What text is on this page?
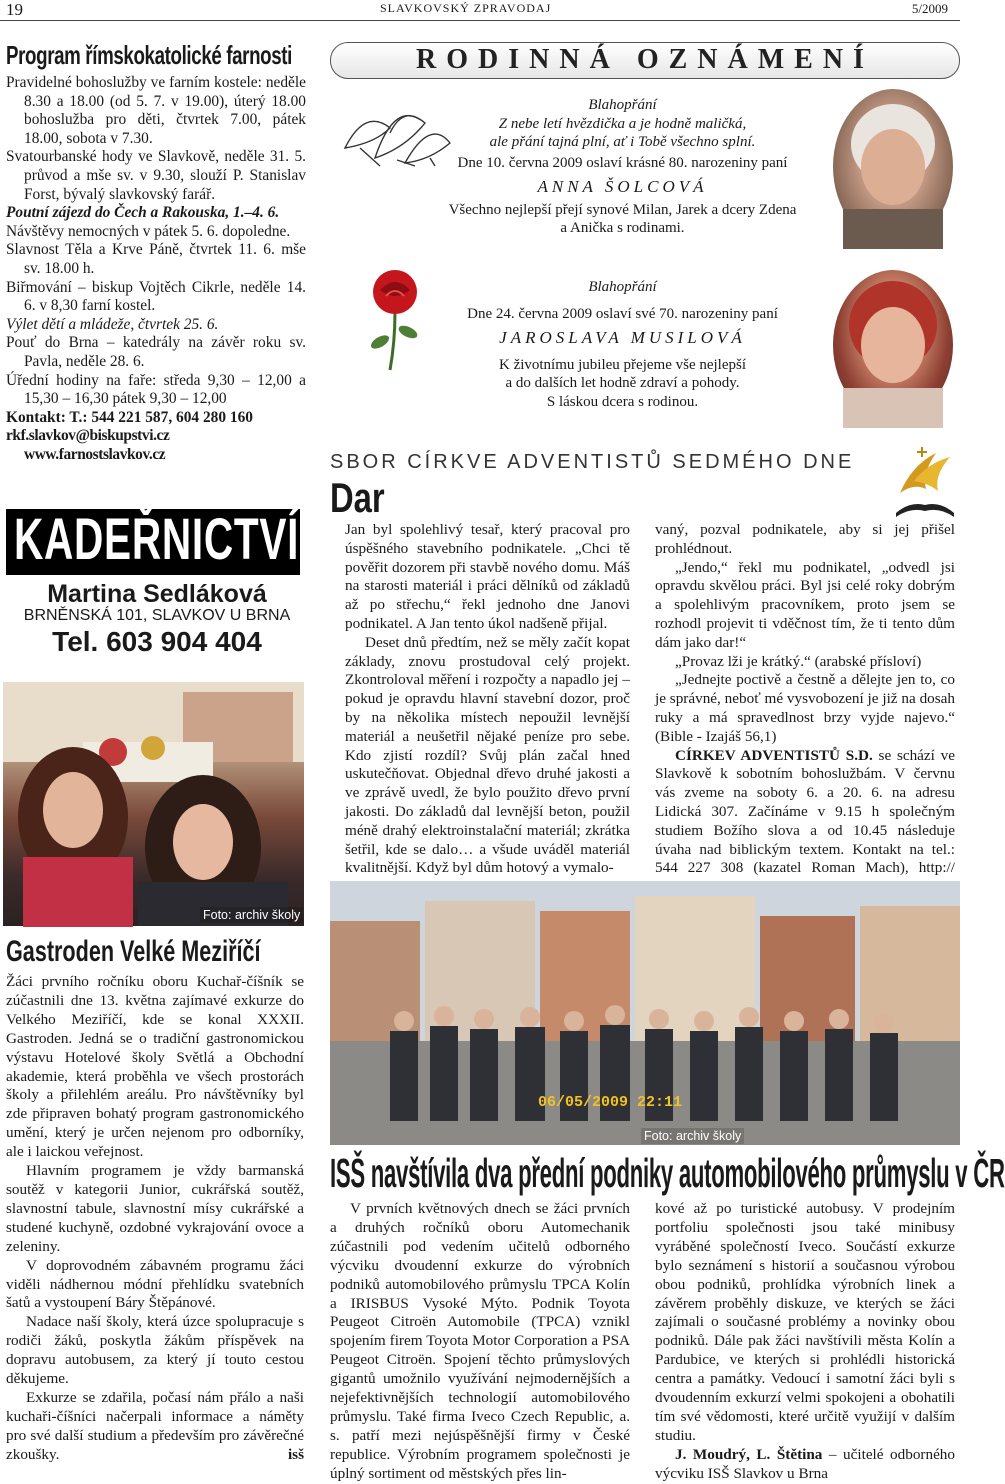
19	SLAVKOVSKÝ ZPRAVODAJ	5/2009
Program římskokatolické farnosti

Pravidelné bohoslužby ve farním kostele: neděle 8.30 a 18.00 (od 5. 7. v 19.00), úterý 18.00 bohoslužba pro děti, čtvrtek 7.00, pátek 18.00, sobota v 7.30.

Svatourbanské hody ve Slavkově, neděle 31. 5. průvod a mše sv. v 9.30, slouží P. Stanislav Forst, bývalý slavkovský farář.

Poutní zájezd do Čech a Rakouska, 1.–4. 6.

Návštěvy nemocných v pátek 5. 6. dopoledne.

Slavnost Těla a Krve Páně, čtvrtek 11. 6. mše sv. 18.00 h.

Biřmování – biskup Vojtěch Cikrle, neděle 14. 6. v 8,30 farní kostel.

Výlet dětí a mládeže, čtvrtek 25. 6.

Pouť do Brna – katedrály na závěr roku sv. Pavla, neděle 28. 6.

Úřední hodiny na faře: středa 9,30 – 12,00 a 15,30 – 16,30 pátek 9,30 – 12,00

Kontakt: T.: 544 221 587, 604 280 160

rkf.slavkov@biskupstvi.cz www.farnostslavkov.cz

KADEŘNICTVÍ
Martina Sedláková
BRNĚNSKÁ 101, SLAVKOV U BRNA
Tel. 603 904 404
Foto: archiv školy
Gastroden Velké Meziříčí

Žáci prvního ročníku oboru Kuchař-číšník se zúčastnili dne 13. května zajímavé exkurze do Velkého Meziříčí, kde se konal XXXII. Gastroden. Jedná se o tradiční gastronomickou výstavu Hotelové školy Světlá a Obchodní akademie, která proběhla ve všech prostorách školy a přilehlém areálu. Pro návštěvníky byl zde připraven bohatý program gastronomického umění, který je určen nejenom pro odborníky, ale i laickou veřejnost.

Hlavním programem je vždy barmanská soutěž v kategorii Junior, cukrářská soutěž, slavnostní tabule, slavnostní mísy cukrářské a studené kuchyně, ozdobné vykrajování ovoce a zeleniny.

V doprovodném zábavném programu žáci viděli nádhernou módní přehlídku svatebních šatů a vystoupení Báry Štěpánové.

Nadace naší školy, která úzce spolupracuje s rodiči žáků, poskytla žákům příspěvek na dopravu autobusem, za který jí touto cestou děkujeme.

Exkurze se zdařila, počasí nám přálo a naši kuchaři-číšníci načerpali informace a náměty pro své další studium a především pro závěrečné zkoušky.	isš

RODINNÁ OZNÁMENÍ

Blahopřání

Z nebe letí hvězdička a je hodně maličká,

ale přání tajná plní, ať i Tobě všechno splní.

Dne 10. června 2009 oslaví krásné 80. narozeniny paní

ANNA ŠOLCOVÁ

Všechno nejlepší přejí synové Milan, Jarek a dcery Zdena

a Anička s rodinami.

Blahopřání

Dne 24. června 2009 oslaví své 70. narozeniny paní

JAROSLAVA MUSILOVÁ

K životnímu jubileu přejeme vše nejlepší

a do dalších let hodně zdraví a pohody.

S láskou dcera s rodinou.

SBOR CÍRKVE ADVENTISTŮ SEDMÉHO DNE
Dar

Jan byl spolehlivý tesař, který pracoval pro úspěšného stavebního podnikatele. „Chci tě pověřit dozorem při stavbě nového domu. Máš na starosti materiál i práci dělníků od základů až po střechu,“ řekl jednoho dne Janovi podnikatel. A Jan tento úkol nadšeně přijal.

Deset dnů předtím, než se měly začít kopat základy, znovu prostudoval celý projekt. Zkontroloval měření i rozpočty a napadlo jej – pokud je opravdu hlavní stavební dozor, proč by na několika místech nepoužil levnější materiál a neušetřil nějaké peníze pro sebe. Kdo zjistí rozdíl? Svůj plán začal hned uskutečňovat. Objednal dřevo druhé jakosti a ve zprávě uvedl, že bylo použito dřevo první jakosti. Do základů dal levnější beton, použil méně drahý elektroinstalační materiál; zkrátka šetřil, kde se dalo… a všude uváděl materiál kvalitnější. Když byl dům hotový a vymalo-

vaný, pozval podnikatele, aby si jej přišel prohlédnout.

„Jendo,“ řekl mu podnikatel, „odvedl jsi opravdu skvělou práci. Byl jsi celé roky dobrým a spolehlivým pracovníkem, proto jsem se rozhodl projevit ti vděčnost tím, že ti tento dům dám jako dar!“

„Provaz lži je krátký.“ (arabské přísloví)

„Jednejte poctivě a čestně a dělejte jen to, co je správné, neboť mé vysvobození je již na dosah ruky a má spravedlnost brzy vyjde najevo.“ (Bible - Izajáš 56,1)

CÍRKEV ADVENTISTŮ S.D. se schází ve Slavkově k sobotním bohoslužbám. V červnu vás zveme na soboty 6. a 20. 6. na adresu Lidická 307. Začínáme v 9.15 h společným studiem Božího slova a od 10.45 následuje úvaha nad biblickým textem. Kontakt na tel.: 544 227 308 (kazatel Roman Mach), http://

06/05/2009 22:11
Foto: archiv školy
ISŠ navštívila dva přední podniky automobilového průmyslu v ČR

V prvních květnových dnech se žáci prvních a druhých ročníků oboru Automechanik zúčastnili pod vedením učitelů odborného výcviku dvoudenní exkurze do výrobních podniků automobilového průmyslu TPCA Kolín a IRISBUS Vysoké Mýto. Podnik Toyota Peugeot Citroën Automobile (TPCA) vznikl spojením firem Toyota Motor Corporation a PSA Peugeot Citroën. Spojení těchto průmyslových gigantů umožnilo využívání nejmodernějších a nejefektivnějších technologií automobilového průmyslu. Také firma Iveco Czech Republic, a. s. patří mezi nejúspěšnější firmy v České republice. Výrobním programem společnosti je úplný sortiment od městských přes lin-

kové až po turistické autobusy. V prodejním portfoliu společnosti jsou také minibusy vyráběné společností Iveco. Součástí exkurze bylo seznámení s historií a současnou výrobou obou podniků, prohlídka výrobních linek a závěrem proběhly diskuze, ve kterých se žáci zajímali o současné problémy a novinky obou podniků. Dále pak žáci navštívili města Kolín a Pardubice, ve kterých si prohlédli historická centra a památky. Vedoucí i samotní žáci byli s dvoudenním exkurzí velmi spokojeni a obohatili tím své vědomosti, které určitě využijí v dalším studiu.

J. Moudrý, L. Štětina – učitelé odborného výcviku ISŠ Slavkov u Brna
